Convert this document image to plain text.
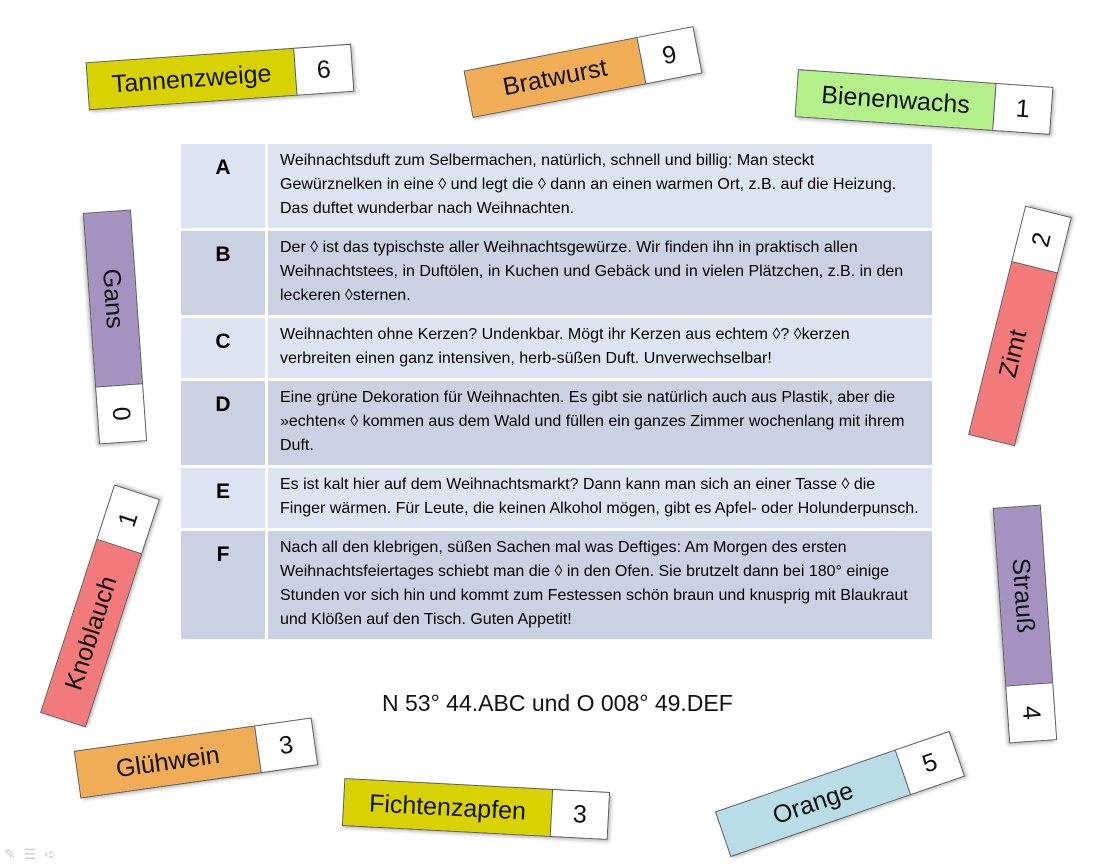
Tannenzweige	6	Bratwurst	9
Bienenwachs	1
Gans
0
Zimt
2
Knoblauch
1
Strauß
4
Glühwein	3
Fichtenzapfen	3	Orange
5
A	Weihnachtsduft zum Selbermachen, natürlich, schnell und billig: Man steckt Gewürznelken in eine ◊ und legt die ◊ dann an einen warmen Ort, z.B. auf die Heizung. Das duftet wunderbar nach Weihnachten.
B	Der ◊ ist das typischste aller Weihnachtsgewürze. Wir finden ihn in praktisch allen Weihnachtstees, in Duftölen, in Kuchen und Gebäck und in vielen Plätzchen, z.B. in den leckeren ◊sternen.
C	Weihnachten ohne Kerzen? Undenkbar. Mögt ihr Kerzen aus echtem ◊? ◊kerzen verbreiten einen ganz intensiven, herb-süßen Duft. Unverwechselbar!
D	Eine grüne Dekoration für Weihnachten. Es gibt sie natürlich auch aus Plastik, aber die »echten« ◊ kommen aus dem Wald und füllen ein ganzes Zimmer wochenlang mit ihrem Duft.
E	Es ist kalt hier auf dem Weihnachtsmarkt? Dann kann man sich an einer Tasse ◊ die Finger wärmen. Für Leute, die keinen Alkohol mögen, gibt es Apfel- oder Holunderpunsch.
F	Nach all den klebrigen, süßen Sachen mal was Deftiges: Am Morgen des ersten Weihnachtsfeiertages schiebt man die ◊ in den Ofen. Sie brutzelt dann bei 180° einige Stunden vor sich hin und kommt zum Festessen schön braun und knusprig mit Blaukraut und Klößen auf den Tisch. Guten Appetit!
N 53° 44.ABC und O 008° 49.DEF
✎ ☰ ➪
